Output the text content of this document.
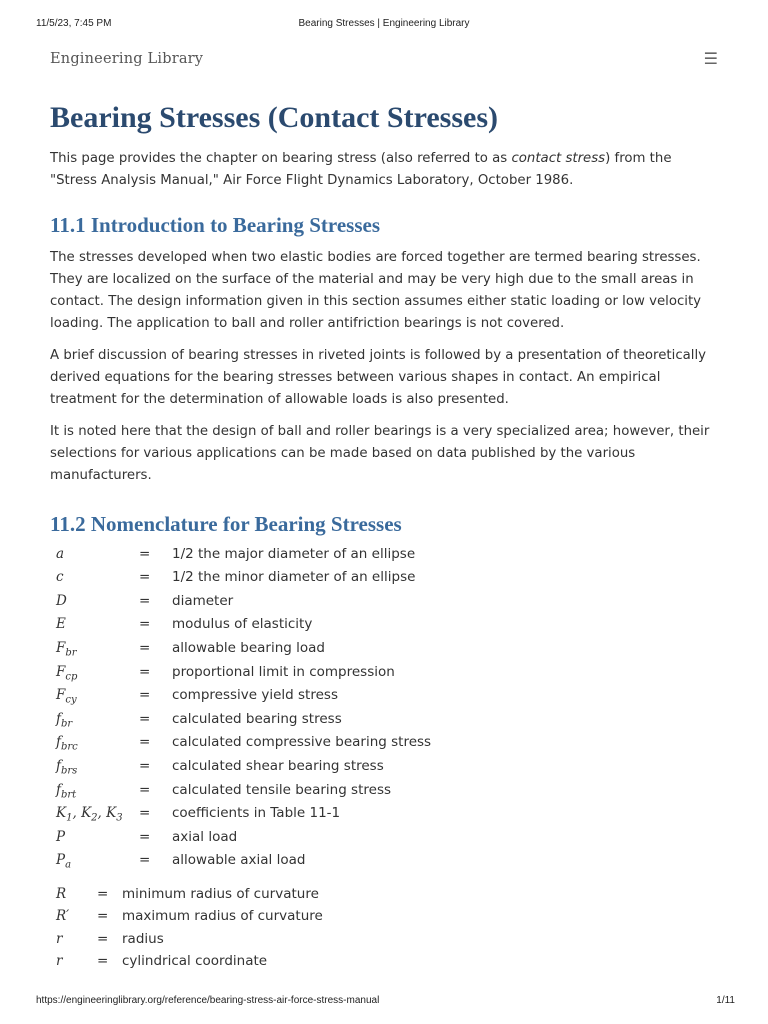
11/5/23, 7:45 PM	Bearing Stresses | Engineering Library
Engineering Library	☰
Bearing Stresses (Contact Stresses)

This page provides the chapter on bearing stress (also referred to as contact stress) from the "Stress Analysis Manual," Air Force Flight Dynamics Laboratory, October 1986.

11.1 Introduction to Bearing Stresses

The stresses developed when two elastic bodies are forced together are termed bearing stresses. They are localized on the surface of the material and may be very high due to the small areas in contact. The design information given in this section assumes either static loading or low velocity loading. The application to ball and roller antifriction bearings is not covered.

A brief discussion of bearing stresses in riveted joints is followed by a presentation of theoretically derived equations for the bearing stresses between various shapes in contact. An empirical treatment for the determination of allowable loads is also presented.

It is noted here that the design of ball and roller bearings is a very specialized area; however, their selections for various applications can be made based on data published by the various manufacturers.

11.2 Nomenclature for Bearing Stresses
a	=	1/2 the major diameter of an ellipse
c	=	1/2 the minor diameter of an ellipse
D	=	diameter
E	=	modulus of elasticity
$F_{br}$	=	allowable bearing load
$F_{cp}$	=	proportional limit in compression
$F_{cy}$	=	compressive yield stress
$f_{br}$	=	calculated bearing stress
$f_{brc}$	=	calculated compressive bearing stress
$f_{brs}$	=	calculated shear bearing stress
$f_{brt}$	=	calculated tensile bearing stress
$K_1$, $K_2$, $K_3$	=	coefficients in Table 11-1
P	=	axial load
$P_a$	=	allowable axial load
R	=	minimum radius of curvature
R′	=	maximum radius of curvature
r	=	radius
r	=	cylindrical coordinate
https://engineeringlibrary.org/reference/bearing-stress-air-force-stress-manual	1/11
